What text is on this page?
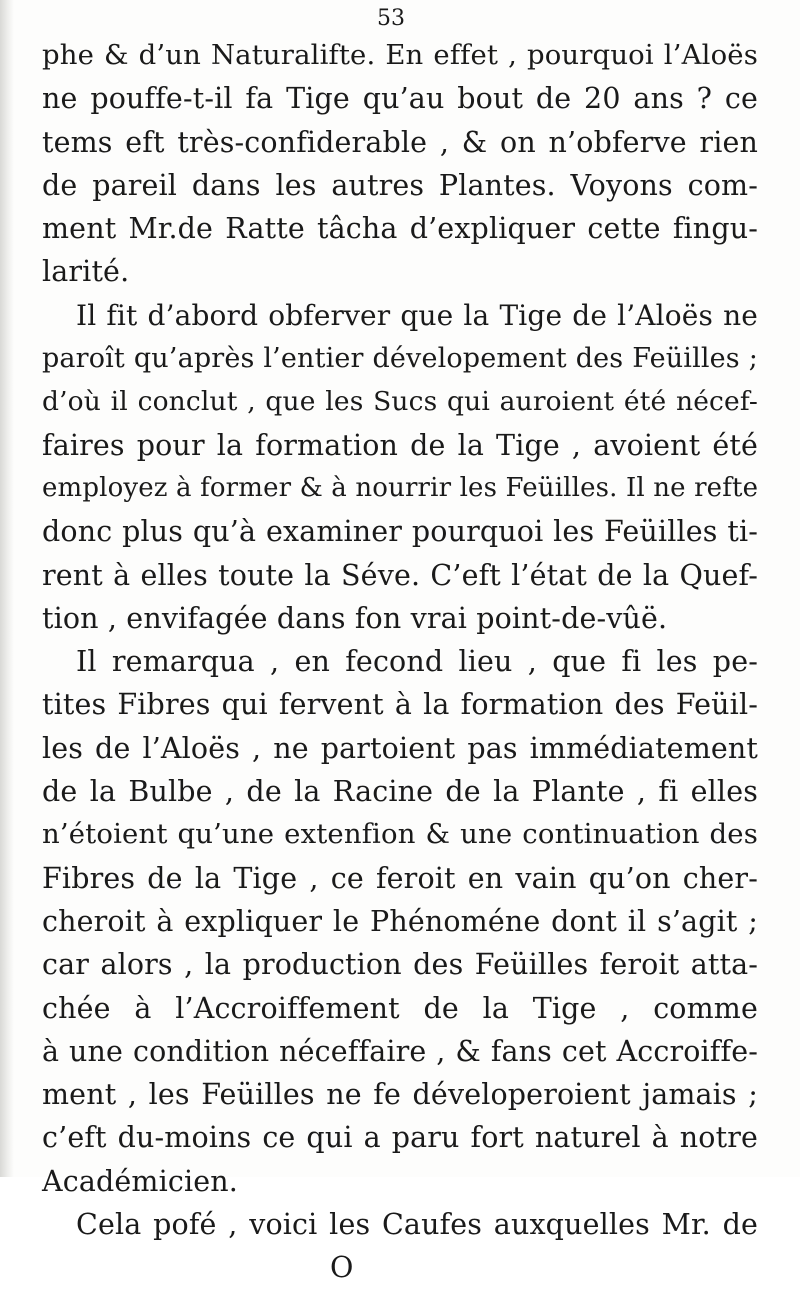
53
phe & d’un Naturalifte. En effet , pourquoi l’Aloës
ne pouffe-t-il fa Tige qu’au bout de 20 ans ? ce
tems eft très-confiderable , & on n’obferve rien
de pareil dans les autres Plantes. Voyons com-
ment Mr.de Ratte tâcha d’expliquer cette fingu-
larité.
Il fit d’abord obferver que la Tige de l’Aloës ne
paroît qu’après l’entier dévelopement des Feüilles ;
d’où il conclut , que les Sucs qui auroient été nécef-
faires pour la formation de la Tige , avoient été
employez à former & à nourrir les Feüilles. Il ne refte
donc plus qu’à examiner pourquoi les Feüilles ti-
rent à elles toute la Séve. C’eft l’état de la Quef-
tion , envifagée dans fon vrai point-de-vûë.
Il remarqua , en fecond lieu , que fi les pe-
tites Fibres qui fervent à la formation des Feüil-
les de l’Aloës , ne partoient pas immédiatement
de la Bulbe , de la Racine de la Plante , fi elles
n’étoient qu’une extenfion & une continuation des
Fibres de la Tige , ce feroit en vain qu’on cher-
cheroit à expliquer le Phénoméne dont il s’agit ;
car alors , la production des Feüilles feroit atta-
chée à l’Accroiffement de la Tige , comme
à une condition néceffaire , & fans cet Accroiffe-
ment , les Feüilles ne fe déveloperoient jamais ;
c’eft du-moins ce qui a paru fort naturel à notre
Académicien.
Cela pofé , voici les Caufes auxquelles Mr. de
O
